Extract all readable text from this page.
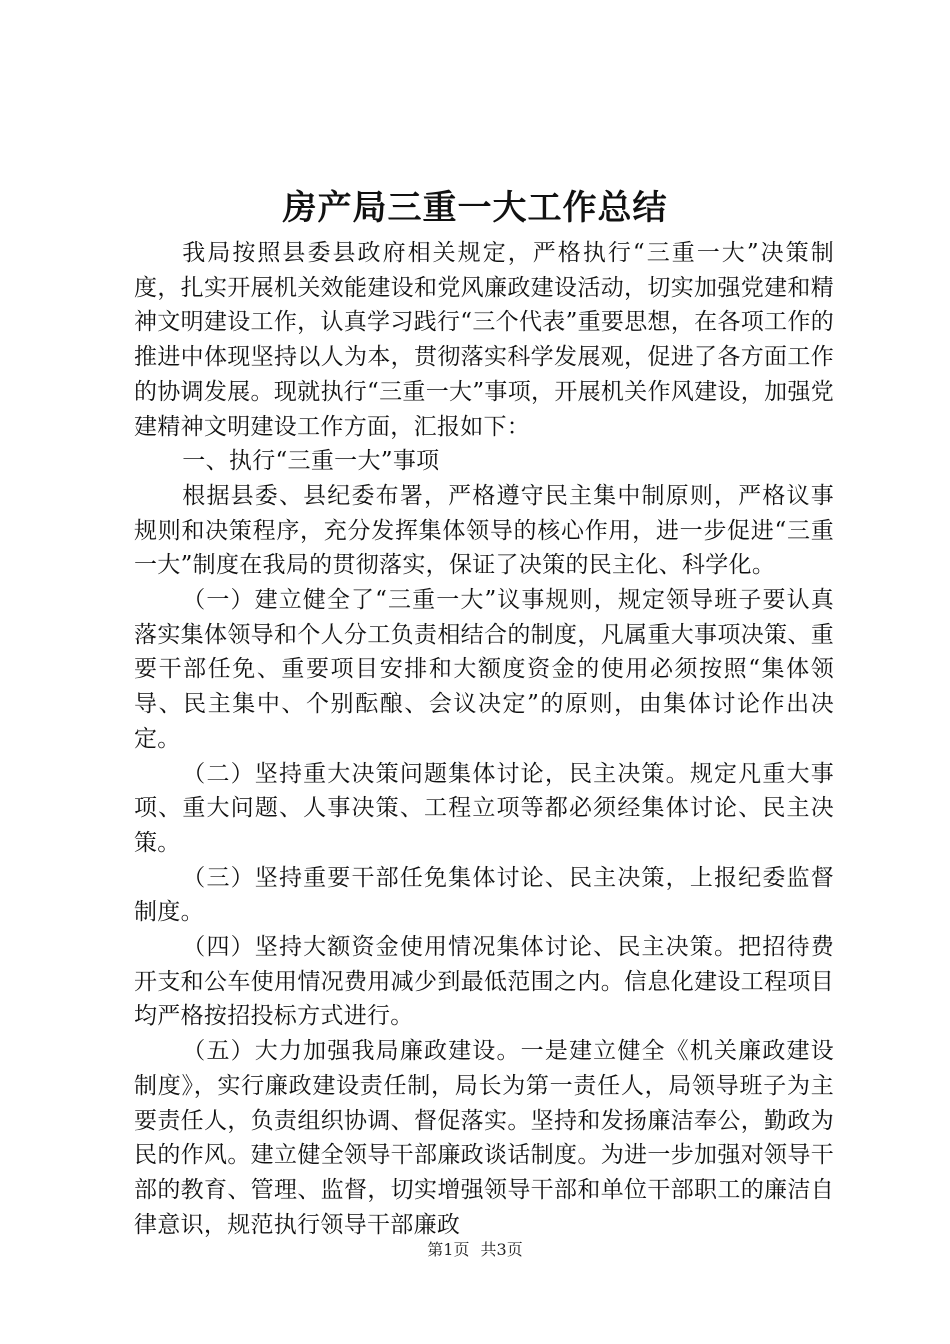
房产局三重一大工作总结

我局按照县委县政府相关规定，严格执行“三重一大”决策制度，扎实开展机关效能建设和党风廉政建设活动，切实加强党建和精神文明建设工作，认真学习践行“三个代表”重要思想，在各项工作的推进中体现坚持以人为本，贯彻落实科学发展观，促进了各方面工作的协调发展。现就执行“三重一大”事项，开展机关作风建设，加强党建精神文明建设工作方面，汇报如下：

一、执行“三重一大”事项

根据县委、县纪委布署，严格遵守民主集中制原则，严格议事规则和决策程序，充分发挥集体领导的核心作用，进一步促进“三重一大”制度在我局的贯彻落实，保证了决策的民主化、科学化。

（一）建立健全了“三重一大”议事规则，规定领导班子要认真落实集体领导和个人分工负责相结合的制度，凡属重大事项决策、重要干部任免、重要项目安排和大额度资金的使用必须按照“集体领导、民主集中、个别酝酿、会议决定”的原则，由集体讨论作出决定。

（二）坚持重大决策问题集体讨论，民主决策。规定凡重大事项、重大问题、人事决策、工程立项等都必须经集体讨论、民主决策。

（三）坚持重要干部任免集体讨论、民主决策，上报纪委监督制度。

（四）坚持大额资金使用情况集体讨论、民主决策。把招待费开支和公车使用情况费用减少到最低范围之内。信息化建设工程项目均严格按招投标方式进行。

（五）大力加强我局廉政建设。一是建立健全《机关廉政建设制度》，实行廉政建设责任制，局长为第一责任人，局领导班子为主要责任人，负责组织协调、督促落实。坚持和发扬廉洁奉公，勤政为民的作风。建立健全领导干部廉政谈话制度。为进一步加强对领导干部的教育、管理、监督，切实增强领导干部和单位干部职工的廉洁自律意识，规范执行领导干部廉政

第1页 共3页
